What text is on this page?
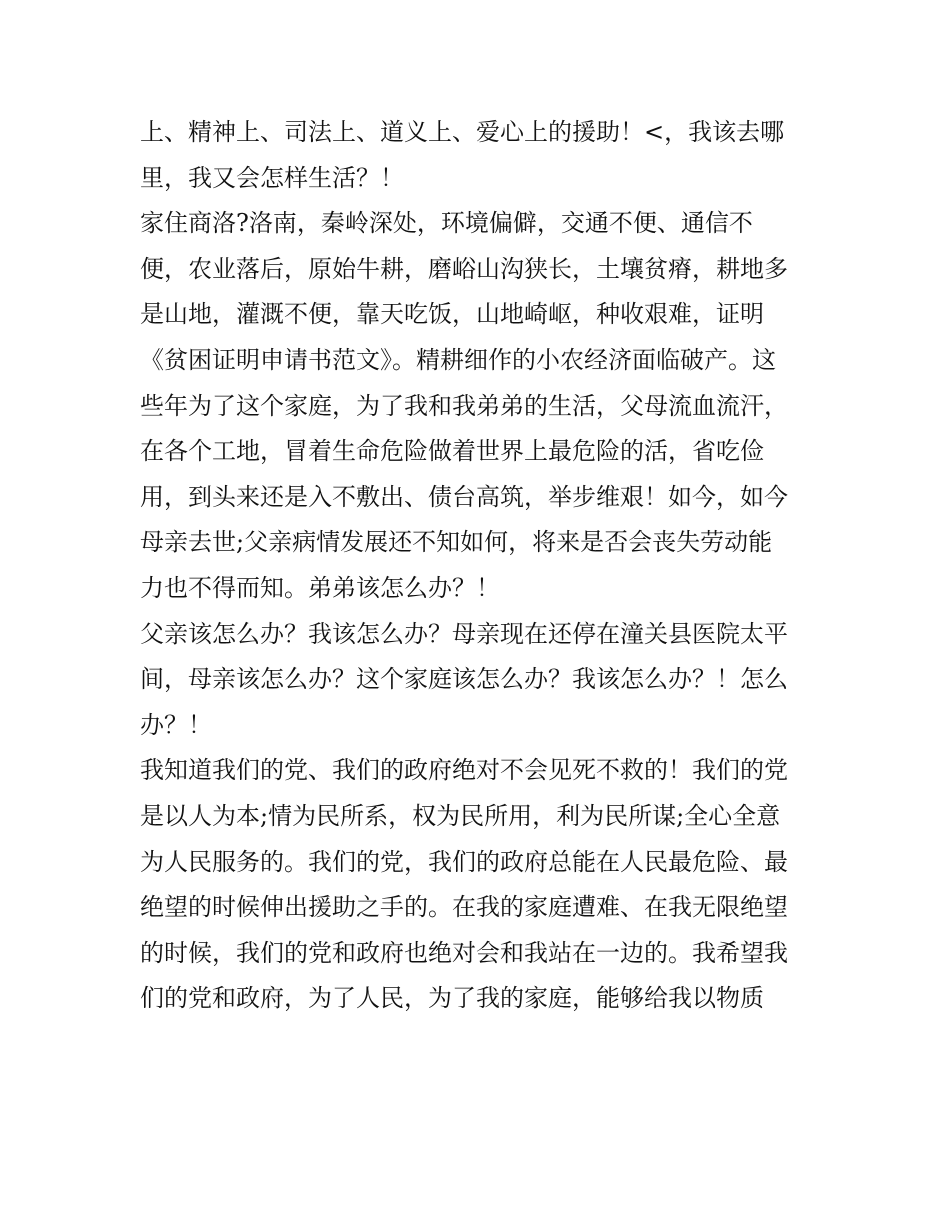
上、精神上、司法上、道义上、爱心上的援助！<，我该去哪
里，我又会怎样生活？！
家住商洛?洛南，秦岭深处，环境偏僻，交通不便、通信不
便，农业落后，原始牛耕，磨峪山沟狭长，土壤贫瘠，耕地多
是山地，灌溉不便，靠天吃饭，山地崎岖，种收艰难，证明
《贫困证明申请书范文》。精耕细作的小农经济面临破产。这
些年为了这个家庭，为了我和我弟弟的生活，父母流血流汗，
在各个工地，冒着生命危险做着世界上最危险的活，省吃俭
用，到头来还是入不敷出、债台高筑，举步维艰！如今，如今
母亲去世;父亲病情发展还不知如何，将来是否会丧失劳动能
力也不得而知。弟弟该怎么办？！
父亲该怎么办？我该怎么办？母亲现在还停在潼关县医院太平
间，母亲该怎么办？这个家庭该怎么办？我该怎么办？！怎么
办？！
我知道我们的党、我们的政府绝对不会见死不救的！我们的党
是以人为本;情为民所系，权为民所用，利为民所谋;全心全意
为人民服务的。我们的党，我们的政府总能在人民最危险、最
绝望的时候伸出援助之手的。在我的家庭遭难、在我无限绝望
的时候，我们的党和政府也绝对会和我站在一边的。我希望我
们的党和政府，为了人民，为了我的家庭，能够给我以物质
